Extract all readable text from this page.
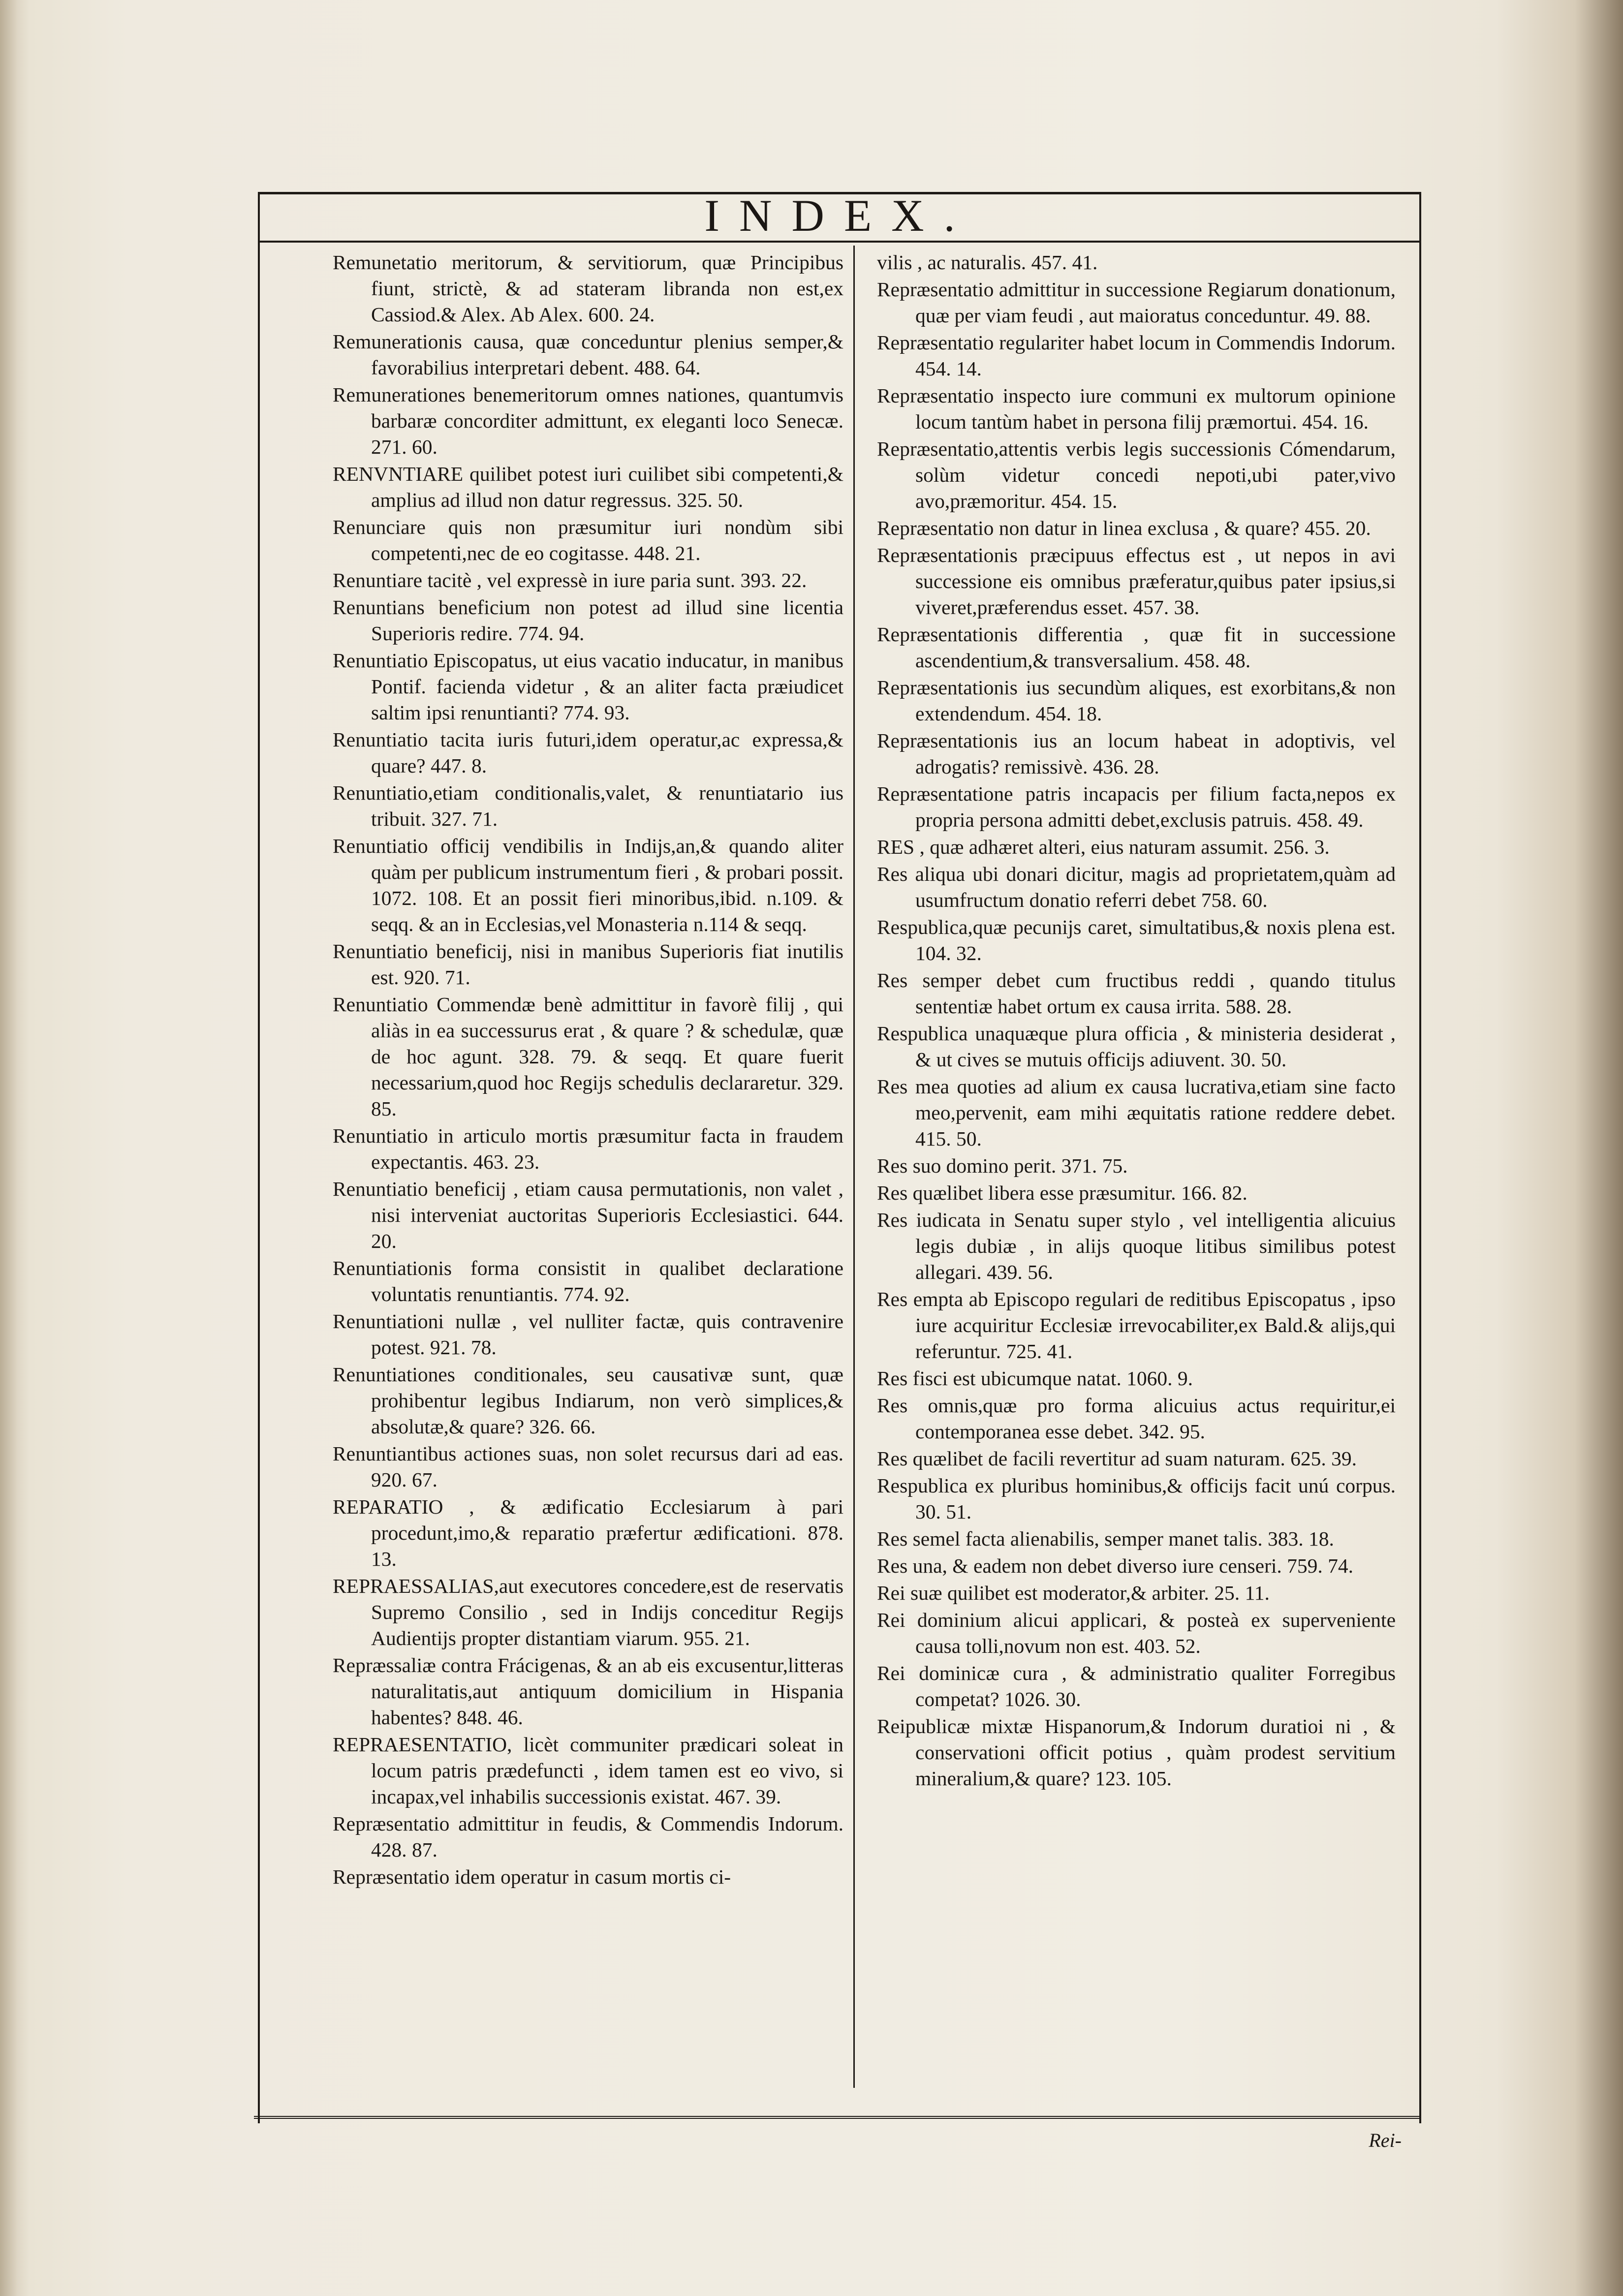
INDEX.

Remunetatio meritorum, & servitiorum, quæ Principibus fiunt, strictè, & ad stateram libranda non est,ex Cassiod.& Alex. Ab Alex. 600. 24.

Remunerationis causa, quæ conceduntur plenius semper,& favorabilius interpretari debent. 488. 64.

Remunerationes benemeritorum omnes nationes, quantumvis barbaræ concorditer admittunt, ex eleganti loco Senecæ. 271. 60.

RENVNTIARE quilibet potest iuri cuilibet sibi competenti,& amplius ad illud non datur regressus. 325. 50.

Renunciare quis non præsumitur iuri nondùm sibi competenti,nec de eo cogitasse. 448. 21.

Renuntiare tacitè , vel expressè in iure paria sunt. 393. 22.

Renuntians beneficium non potest ad illud sine licentia Superioris redire. 774. 94.

Renuntiatio Episcopatus, ut eius vacatio inducatur, in manibus Pontif. facienda videtur , & an aliter facta præiudicet saltim ipsi renuntianti? 774. 93.

Renuntiatio tacita iuris futuri,idem operatur,ac expressa,& quare? 447. 8.

Renuntiatio,etiam conditionalis,valet, & renuntiatario ius tribuit. 327. 71.

Renuntiatio officij vendibilis in Indijs,an,& quando aliter quàm per publicum instrumentum fieri , & probari possit. 1072. 108. Et an possit fieri minoribus,ibid. n.109. & seqq. & an in Ecclesias,vel Monasteria n.114 & seqq.

Renuntiatio beneficij, nisi in manibus Superioris fiat inutilis est. 920. 71.

Renuntiatio Commendæ benè admittitur in favorè filij , qui aliàs in ea successurus erat , & quare ? & schedulæ, quæ de hoc agunt. 328. 79. & seqq. Et quare fuerit necessarium,quod hoc Regijs schedulis declararetur. 329. 85.

Renuntiatio in articulo mortis præsumitur facta in fraudem expectantis. 463. 23.

Renuntiatio beneficij , etiam causa permutationis, non valet , nisi interveniat auctoritas Superioris Ecclesiastici. 644. 20.

Renuntiationis forma consistit in qualibet declaratione voluntatis renuntiantis. 774. 92.

Renuntiationi nullæ , vel nulliter factæ, quis contravenire potest. 921. 78.

Renuntiationes conditionales, seu causativæ sunt, quæ prohibentur legibus Indiarum, non verò simplices,& absolutæ,& quare? 326. 66.

Renuntiantibus actiones suas, non solet recursus dari ad eas. 920. 67.

REPARATIO , & ædificatio Ecclesiarum à pari procedunt,imo,& reparatio præfertur ædificationi. 878. 13.

REPRAESSALIAS,aut executores concedere,est de reservatis Supremo Consilio , sed in Indijs conceditur Regijs Audientijs propter distantiam viarum. 955. 21.

Repræssaliæ contra Frácigenas, & an ab eis excusentur,litteras naturalitatis,aut antiquum domicilium in Hispania habentes? 848. 46.

REPRAESENTATIO, licèt communiter prædicari soleat in locum patris prædefuncti , idem tamen est eo vivo, si incapax,vel inhabilis successionis existat. 467. 39.

Repræsentatio admittitur in feudis, & Commendis Indorum. 428. 87.

Repræsentatio idem operatur in casum mortis ci-

vilis , ac naturalis. 457. 41.

Repræsentatio admittitur in successione Regiarum donationum, quæ per viam feudi , aut maioratus conceduntur. 49. 88.

Repræsentatio regulariter habet locum in Commendis Indorum. 454. 14.

Repræsentatio inspecto iure communi ex multorum opinione locum tantùm habet in persona filij præmortui. 454. 16.

Repræsentatio,attentis verbis legis successionis Cómendarum, solùm videtur concedi nepoti,ubi pater,vivo avo,præmoritur. 454. 15.

Repræsentatio non datur in linea exclusa , & quare? 455. 20.

Repræsentationis præcipuus effectus est , ut nepos in avi successione eis omnibus præferatur,quibus pater ipsius,si viveret,præferendus esset. 457. 38.

Repræsentationis differentia , quæ fit in successione ascendentium,& transversalium. 458. 48.

Repræsentationis ius secundùm aliques, est exorbitans,& non extendendum. 454. 18.

Repræsentationis ius an locum habeat in adoptivis, vel adrogatis? remissivè. 436. 28.

Repræsentatione patris incapacis per filium facta,nepos ex propria persona admitti debet,exclusis patruis. 458. 49.

RES , quæ adhæret alteri, eius naturam assumit. 256. 3.

Res aliqua ubi donari dicitur, magis ad proprietatem,quàm ad usumfructum donatio referri debet 758. 60.

Respublica,quæ pecunijs caret, simultatibus,& noxis plena est. 104. 32.

Res semper debet cum fructibus reddi , quando titulus sententiæ habet ortum ex causa irrita. 588. 28.

Respublica unaquæque plura officia , & ministeria desiderat , & ut cives se mutuis officijs adiuvent. 30. 50.

Res mea quoties ad alium ex causa lucrativa,etiam sine facto meo,pervenit, eam mihi æquitatis ratione reddere debet. 415. 50.

Res suo domino perit. 371. 75.

Res quælibet libera esse præsumitur. 166. 82.

Res iudicata in Senatu super stylo , vel intelligentia alicuius legis dubiæ , in alijs quoque litibus similibus potest allegari. 439. 56.

Res empta ab Episcopo regulari de reditibus Episcopatus , ipso iure acquiritur Ecclesiæ irrevocabiliter,ex Bald.& alijs,qui referuntur. 725. 41.

Res fisci est ubicumque natat. 1060. 9.

Res omnis,quæ pro forma alicuius actus requiritur,ei contemporanea esse debet. 342. 95.

Res quælibet de facili revertitur ad suam naturam. 625. 39.

Respublica ex pluribus hominibus,& officijs facit unú corpus. 30. 51.

Res semel facta alienabilis, semper manet talis. 383. 18.

Res una, & eadem non debet diverso iure censeri. 759. 74.

Rei suæ quilibet est moderator,& arbiter. 25. 11.

Rei dominium alicui applicari, & posteà ex superveniente causa tolli,novum non est. 403. 52.

Rei dominicæ cura , & administratio qualiter Forregibus competat? 1026. 30.

Reipublicæ mixtæ Hispanorum,& Indorum duratioi ni , & conservationi officit potius , quàm prodest servitium mineralium,& quare? 123. 105.

Rei-
